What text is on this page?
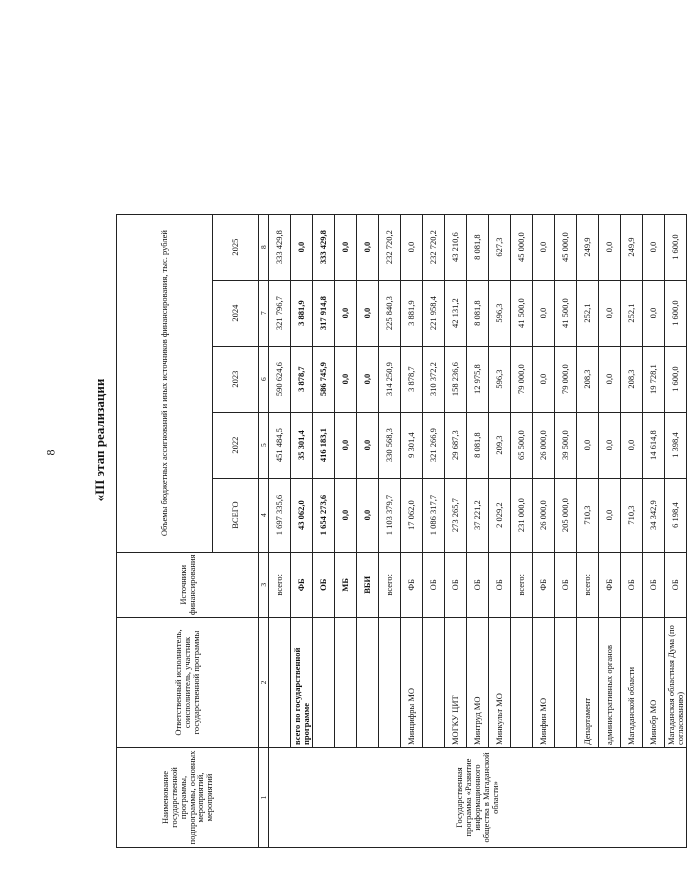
8	«III этап реализации
Наименование государственной программы, подпрограммы, основных мероприятий, мероприятий	Ответственный исполнитель, соисполнитель, участник государственной программы	Источники финансирования	Объемы бюджетных ассигнований и иных источников финансирования, тыс. рублей				
			ВСЕГО	2022	2023	2024	2025
1	2	3	4	5	6	7	8
Государственная программа «Развитие информационного общества в Магаданской области»		всего:	1 697 335,6	451 484,5	590 624,6	321 796,7	333 429,8
	всего по государственной программе	ФБ	43 062,0	35 301,4	3 878,7	3 881,9	0,0
		ОБ	1 654 273,6	416 183,1	586 745,9	317 914,8	333 429,8
		МБ	0,0	0,0	0,0	0,0	0,0
		ВБИ	0,0	0,0	0,0	0,0	0,0
		всего:	1 103 379,7	330 568,3	314 250,9	225 840,3	232 720,2
	Минцифры МО	ФБ	17 062,0	9 301,4	3 878,7	3 881,9	0,0
		ОБ	1 086 317,7	321 266,9	310 372,2	221 958,4	232 720,2
	МОГКУ ЦИТ	ОБ	273 265,7	29 687,3	158 236,6	42 131,2	43 210,6
	Минтруд МО	ОБ	37 221,2	8 081,8	12 975,8	8 081,8	8 081,8
	Минкульт МО	ОБ	2 029,2	209,3	596,3	596,3	627,3
		всего:	231 000,0	65 500,0	79 000,0	41 500,0	45 000,0
	Минфин МО	ФБ	26 000,0	26 000,0	0,0	0,0	0,0
		ОБ	205 000,0	39 500,0	79 000,0	41 500,0	45 000,0
	Департамент	всего:	710,3	0,0	208,3	252,1	249,9
	административных органов	ФБ	0,0	0,0	0,0	0,0	0,0
	Магаданской области	ОБ	710,3	0,0	208,3	252,1	249,9
	Минобр МО	ОБ	34 342,9	14 614,8	19 728,1	0,0	0,0
	Магаданская областная Дума (по согласованию)	ОБ	6 198,4	1 398,4	1 600,0	1 600,0	1 600,0
